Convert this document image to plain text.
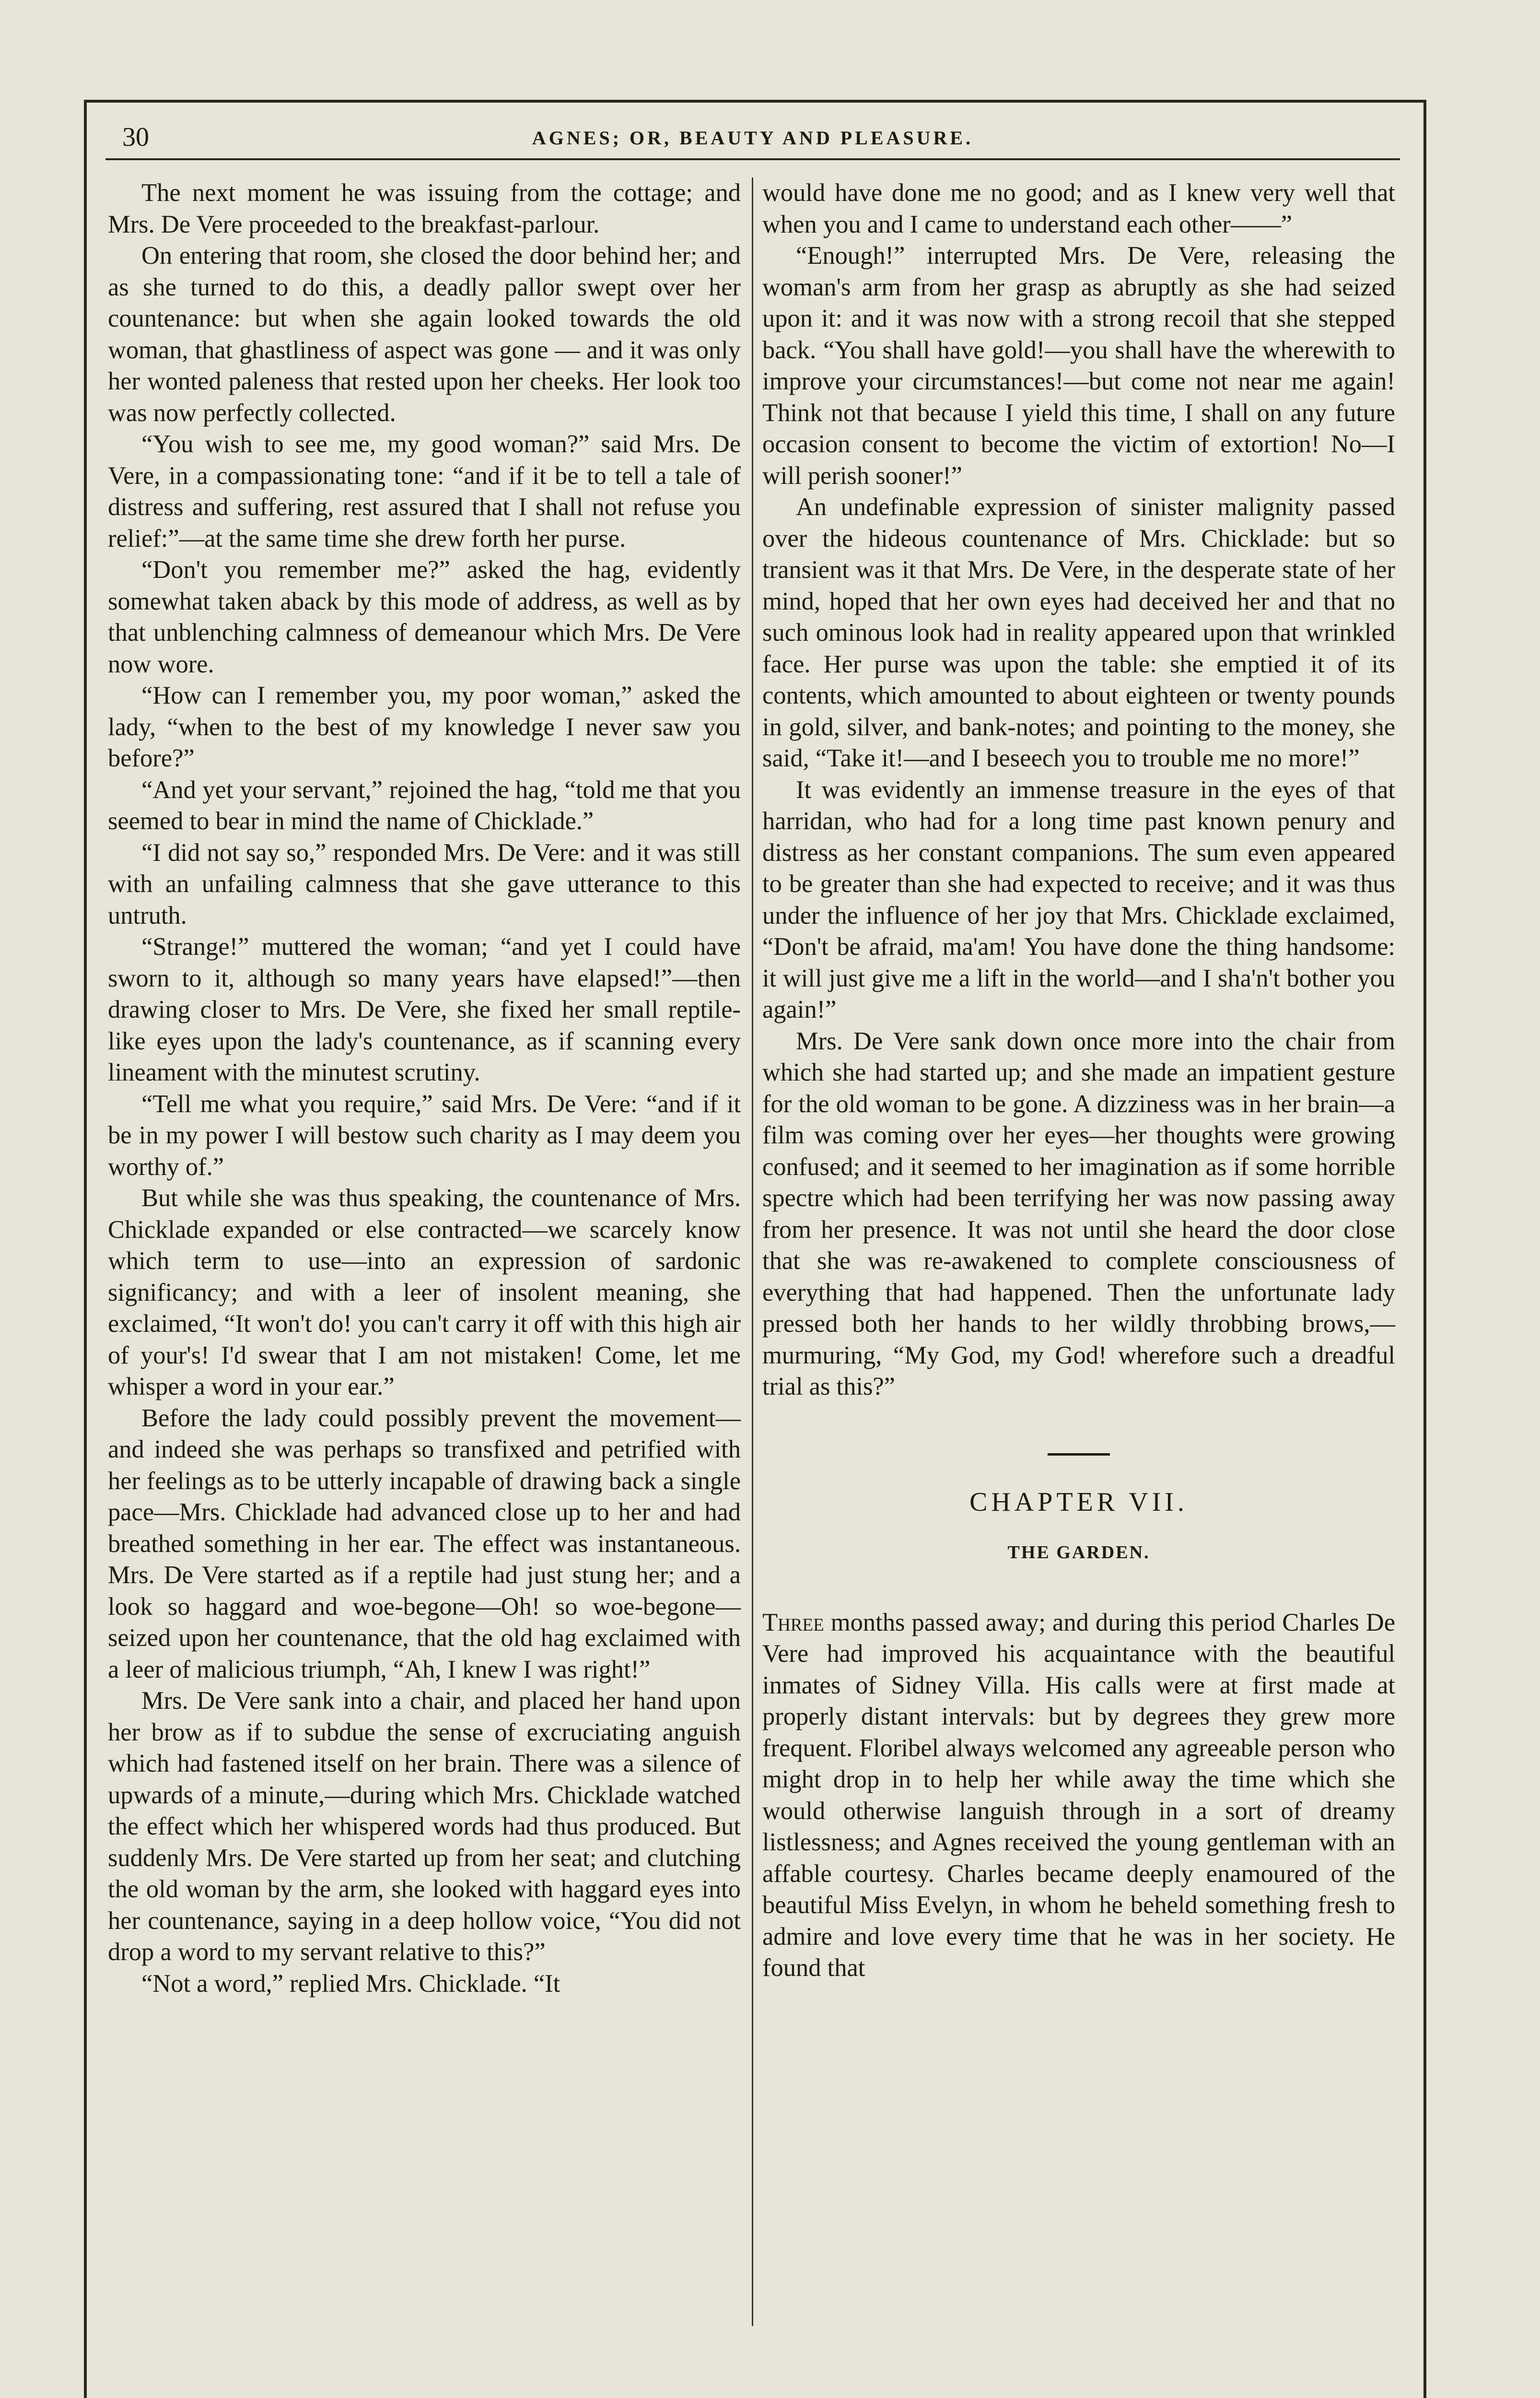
30	AGNES; OR, BEAUTY AND PLEASURE.

The next moment he was issuing from the cottage; and Mrs. De Vere proceeded to the breakfast-parlour.

On entering that room, she closed the door behind her; and as she turned to do this, a deadly pallor swept over her countenance: but when she again looked towards the old woman, that ghastliness of aspect was gone — and it was only her wonted paleness that rested upon her cheeks. Her look too was now perfectly collected.

“You wish to see me, my good woman?” said Mrs. De Vere, in a compassionating tone: “and if it be to tell a tale of distress and suffering, rest assured that I shall not refuse you relief:”—at the same time she drew forth her purse.

“Don't you remember me?” asked the hag, evidently somewhat taken aback by this mode of address, as well as by that unblenching calmness of demeanour which Mrs. De Vere now wore.

“How can I remember you, my poor woman,” asked the lady, “when to the best of my knowledge I never saw you before?”

“And yet your servant,” rejoined the hag, “told me that you seemed to bear in mind the name of Chicklade.”

“I did not say so,” responded Mrs. De Vere: and it was still with an unfailing calmness that she gave utterance to this untruth.

“Strange!” muttered the woman; “and yet I could have sworn to it, although so many years have elapsed!”—then drawing closer to Mrs. De Vere, she fixed her small reptile-like eyes upon the lady's countenance, as if scanning every lineament with the minutest scrutiny.

“Tell me what you require,” said Mrs. De Vere: “and if it be in my power I will bestow such charity as I may deem you worthy of.”

But while she was thus speaking, the countenance of Mrs. Chicklade expanded or else contracted—we scarcely know which term to use—into an expression of sardonic significancy; and with a leer of insolent meaning, she exclaimed, “It won't do! you can't carry it off with this high air of your's! I'd swear that I am not mistaken! Come, let me whisper a word in your ear.”

Before the lady could possibly prevent the movement—and indeed she was perhaps so transfixed and petrified with her feelings as to be utterly incapable of drawing back a single pace—Mrs. Chicklade had advanced close up to her and had breathed something in her ear. The effect was instantaneous. Mrs. De Vere started as if a reptile had just stung her; and a look so haggard and woe-begone—Oh! so woe-begone—seized upon her countenance, that the old hag exclaimed with a leer of malicious triumph, “Ah, I knew I was right!”

Mrs. De Vere sank into a chair, and placed her hand upon her brow as if to subdue the sense of excruciating anguish which had fastened itself on her brain. There was a silence of upwards of a minute,—during which Mrs. Chicklade watched the effect which her whispered words had thus produced. But suddenly Mrs. De Vere started up from her seat; and clutching the old woman by the arm, she looked with haggard eyes into her countenance, saying in a deep hollow voice, “You did not drop a word to my servant relative to this?”

“Not a word,” replied Mrs. Chicklade. “It

would have done me no good; and as I knew very well that when you and I came to understand each other——”

“Enough!” interrupted Mrs. De Vere, releasing the woman's arm from her grasp as abruptly as she had seized upon it: and it was now with a strong recoil that she stepped back. “You shall have gold!—you shall have the wherewith to improve your circumstances!—but come not near me again! Think not that because I yield this time, I shall on any future occasion consent to become the victim of extortion! No—I will perish sooner!”

An undefinable expression of sinister malignity passed over the hideous countenance of Mrs. Chicklade: but so transient was it that Mrs. De Vere, in the desperate state of her mind, hoped that her own eyes had deceived her and that no such ominous look had in reality appeared upon that wrinkled face. Her purse was upon the table: she emptied it of its contents, which amounted to about eighteen or twenty pounds in gold, silver, and bank-notes; and pointing to the money, she said, “Take it!—and I beseech you to trouble me no more!”

It was evidently an immense treasure in the eyes of that harridan, who had for a long time past known penury and distress as her constant companions. The sum even appeared to be greater than she had expected to receive; and it was thus under the influence of her joy that Mrs. Chicklade exclaimed, “Don't be afraid, ma'am! You have done the thing handsome: it will just give me a lift in the world—and I sha'n't bother you again!”

Mrs. De Vere sank down once more into the chair from which she had started up; and she made an impatient gesture for the old woman to be gone. A dizziness was in her brain—a film was coming over her eyes—her thoughts were growing confused; and it seemed to her imagination as if some horrible spectre which had been terrifying her was now passing away from her presence. It was not until she heard the door close that she was re-awakened to complete consciousness of everything that had happened. Then the unfortunate lady pressed both her hands to her wildly throbbing brows,—murmuring, “My God, my God! wherefore such a dreadful trial as this?”

CHAPTER VII.
THE GARDEN.

Three months passed away; and during this period Charles De Vere had improved his acquaintance with the beautiful inmates of Sidney Villa. His calls were at first made at properly distant intervals: but by degrees they grew more frequent. Floribel always welcomed any agreeable person who might drop in to help her while away the time which she would otherwise languish through in a sort of dreamy listlessness; and Agnes received the young gentleman with an affable courtesy. Charles became deeply enamoured of the beautiful Miss Evelyn, in whom he beheld something fresh to admire and love every time that he was in her society. He found that
